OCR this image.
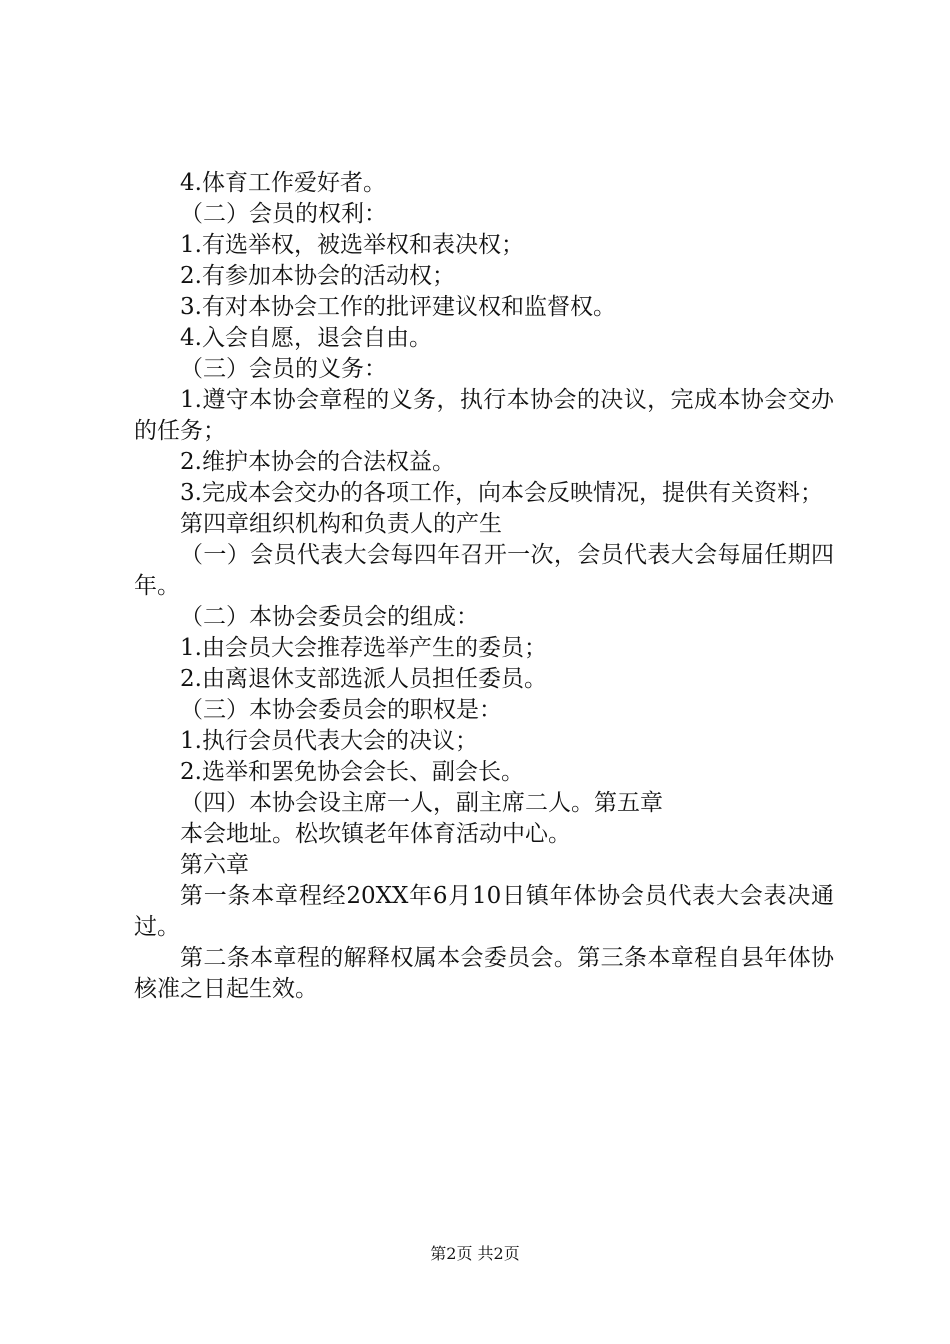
4.体育工作爱好者。

（二）会员的权利：

1.有选举权，被选举权和表决权；

2.有参加本协会的活动权；

3.有对本协会工作的批评建议权和监督权。

4.入会自愿，退会自由。

（三）会员的义务：

1.遵守本协会章程的义务，执行本协会的决议，完成本协会交办的任务；

2.维护本协会的合法权益。

3.完成本会交办的各项工作，向本会反映情况，提供有关资料；

第四章组织机构和负责人的产生

（一）会员代表大会每四年召开一次，会员代表大会每届任期四年。

（二）本协会委员会的组成：

1.由会员大会推荐选举产生的委员；

2.由离退休支部选派人员担任委员。

（三）本协会委员会的职权是：

1.执行会员代表大会的决议；

2.选举和罢免协会会长、副会长。

（四）本协会设主席一人，副主席二人。第五章

本会地址。松坎镇老年体育活动中心。

第六章

第一条本章程经20XX年6月10日镇年体协会员代表大会表决通过。

第二条本章程的解释权属本会委员会。第三条本章程自县年体协核准之日起生效。

第2页 共2页
